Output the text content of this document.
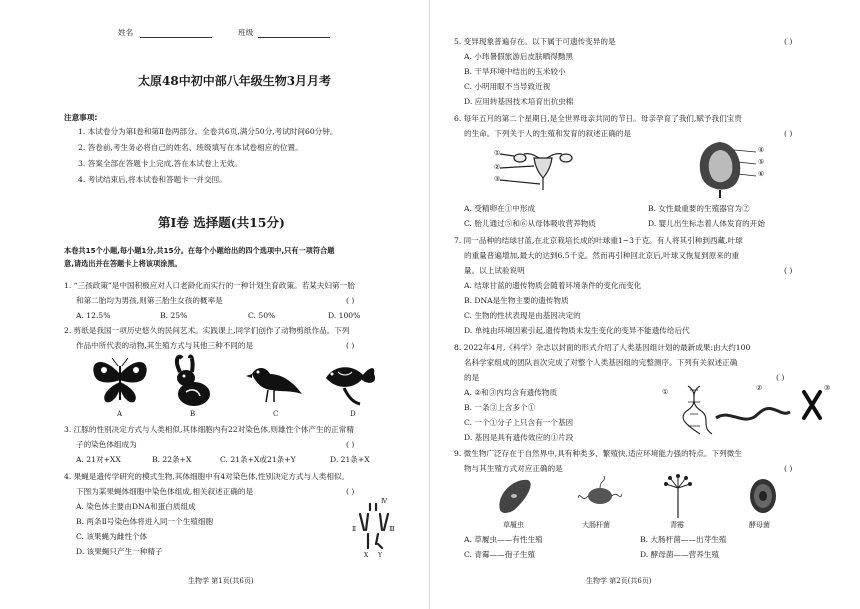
姓名	班级
太原48中初中部八年级生物3月月考
注意事项:
1. 本试卷分为第Ⅰ卷和第Ⅱ卷两部分。全卷共6页,满分50分,考试时间60分钟。
2. 答卷前,考生务必将自己的姓名、班级填写在本试卷相应的位置。
3. 答案全部在答题卡上完成,答在本试卷上无效。
4. 考试结束后,将本试卷和答题卡一并交回。
第Ⅰ卷 选择题(共15分)
本卷共15个小题,每小题1分,共15分。在每个小题给出的四个选项中,只有一项符合题
意,请选出并在答题卡上将该项涂黑。
1. “三孩政策”是中国积极应对人口老龄化而实行的一种计划生育政策。若某夫妇第一胎
和第二胎均为男孩,则第三胎生女孩的概率是	( )
A. 12.5%	B. 25%	C. 50%	D. 100%
2. 剪纸是我国一项历史悠久的民间艺术。实践课上,同学们创作了动物剪纸作品。下列
作品中所代表的动物,其生殖方式与其他三种不同的是	( )
A	B	C	D
3. 江豚的性别决定方式与人类相似,其体细胞内有22对染色体,则雄性个体产生的正常精
子的染色体组成为	( )
A. 21对+XX	B. 22条+X	C. 21条+X或21条+Y	D. 21条+X
4. 果蝇是遗传学研究的模式生物,其体细胞中有4对染色体,性别决定方式与人类相似。
下图为某果蝇体细胞中染色体组成,相关叙述正确的是	( )
A. 染色体主要由DNA和蛋白质组成
B. 两条Ⅱ号染色体将进入同一个生殖细胞
C. 该果蝇为雌性个体
D. 该果蝇只产生一种精子
Ⅳ
Ⅱ	Ⅲ
X Y
生物学 第1页(共6页)
5. 变异现象普遍存在。以下属于可遗传变异的是	( )
A. 小玮暑假旅游后皮肤晒得黝黑
B. 干旱环境中结出的玉米较小
C. 小明用眼不当导致近视
D. 应用转基因技术培育出抗虫棉
6. 每年五月的第二个星期日,是全世界母亲共同的节日。母亲孕育了我们,赋予我们宝贵
的生命。下列关于人的生殖和发育的叙述正确的是	( )
①
②
③
④
⑤
⑥
A. 受精卵在①中形成	B. 女性最重要的生殖器官为②
C. 胎儿通过⑤和⑥从母体吸收营养物质	D. 婴儿出生标志着人体发育的开始
7. 同一品种的结球甘蓝,在北京栽培长成的叶球重1~3千克。有人将其引种到西藏,叶球
的重量普遍增加,最大的达到6.5千克。然而再引种回北京后,叶球又恢复到原来的重
量。以上试验说明	( )
A. 结球甘蓝的遗传物质会随着环境条件的变化而变化
B. DNA是生物主要的遗传物质
C. 生物的性状表现是由基因决定的
D. 单纯由环境因素引起,遗传物质未发生变化的变异不能遗传给后代
8. 2022年4月,《科学》杂志以封面的形式介绍了人类基因组计划的最新成果:由大约100
名科学家组成的团队首次完成了对整个人类基因组的完整测序。下列有关叙述正确
的是	( )
A. ②和③内均含有遗传物质
B. 一条③上含多个①
C. 一个①分子上只含有一个基因
D. 基因是具有遗传效应的①片段
①	②	③
9. 微生物广泛存在于自然界中,具有种类多、繁殖快,适应环境能力强的特点。下列微生
物与其生殖方式对应正确的是	( )
草履虫	大肠杆菌	青霉	酵母菌
A. 草履虫——有性生殖	B. 大肠杆菌——出芽生殖
C. 青霉——孢子生殖	D. 酵母菌——营养生殖
生物学 第2页(共6页)
